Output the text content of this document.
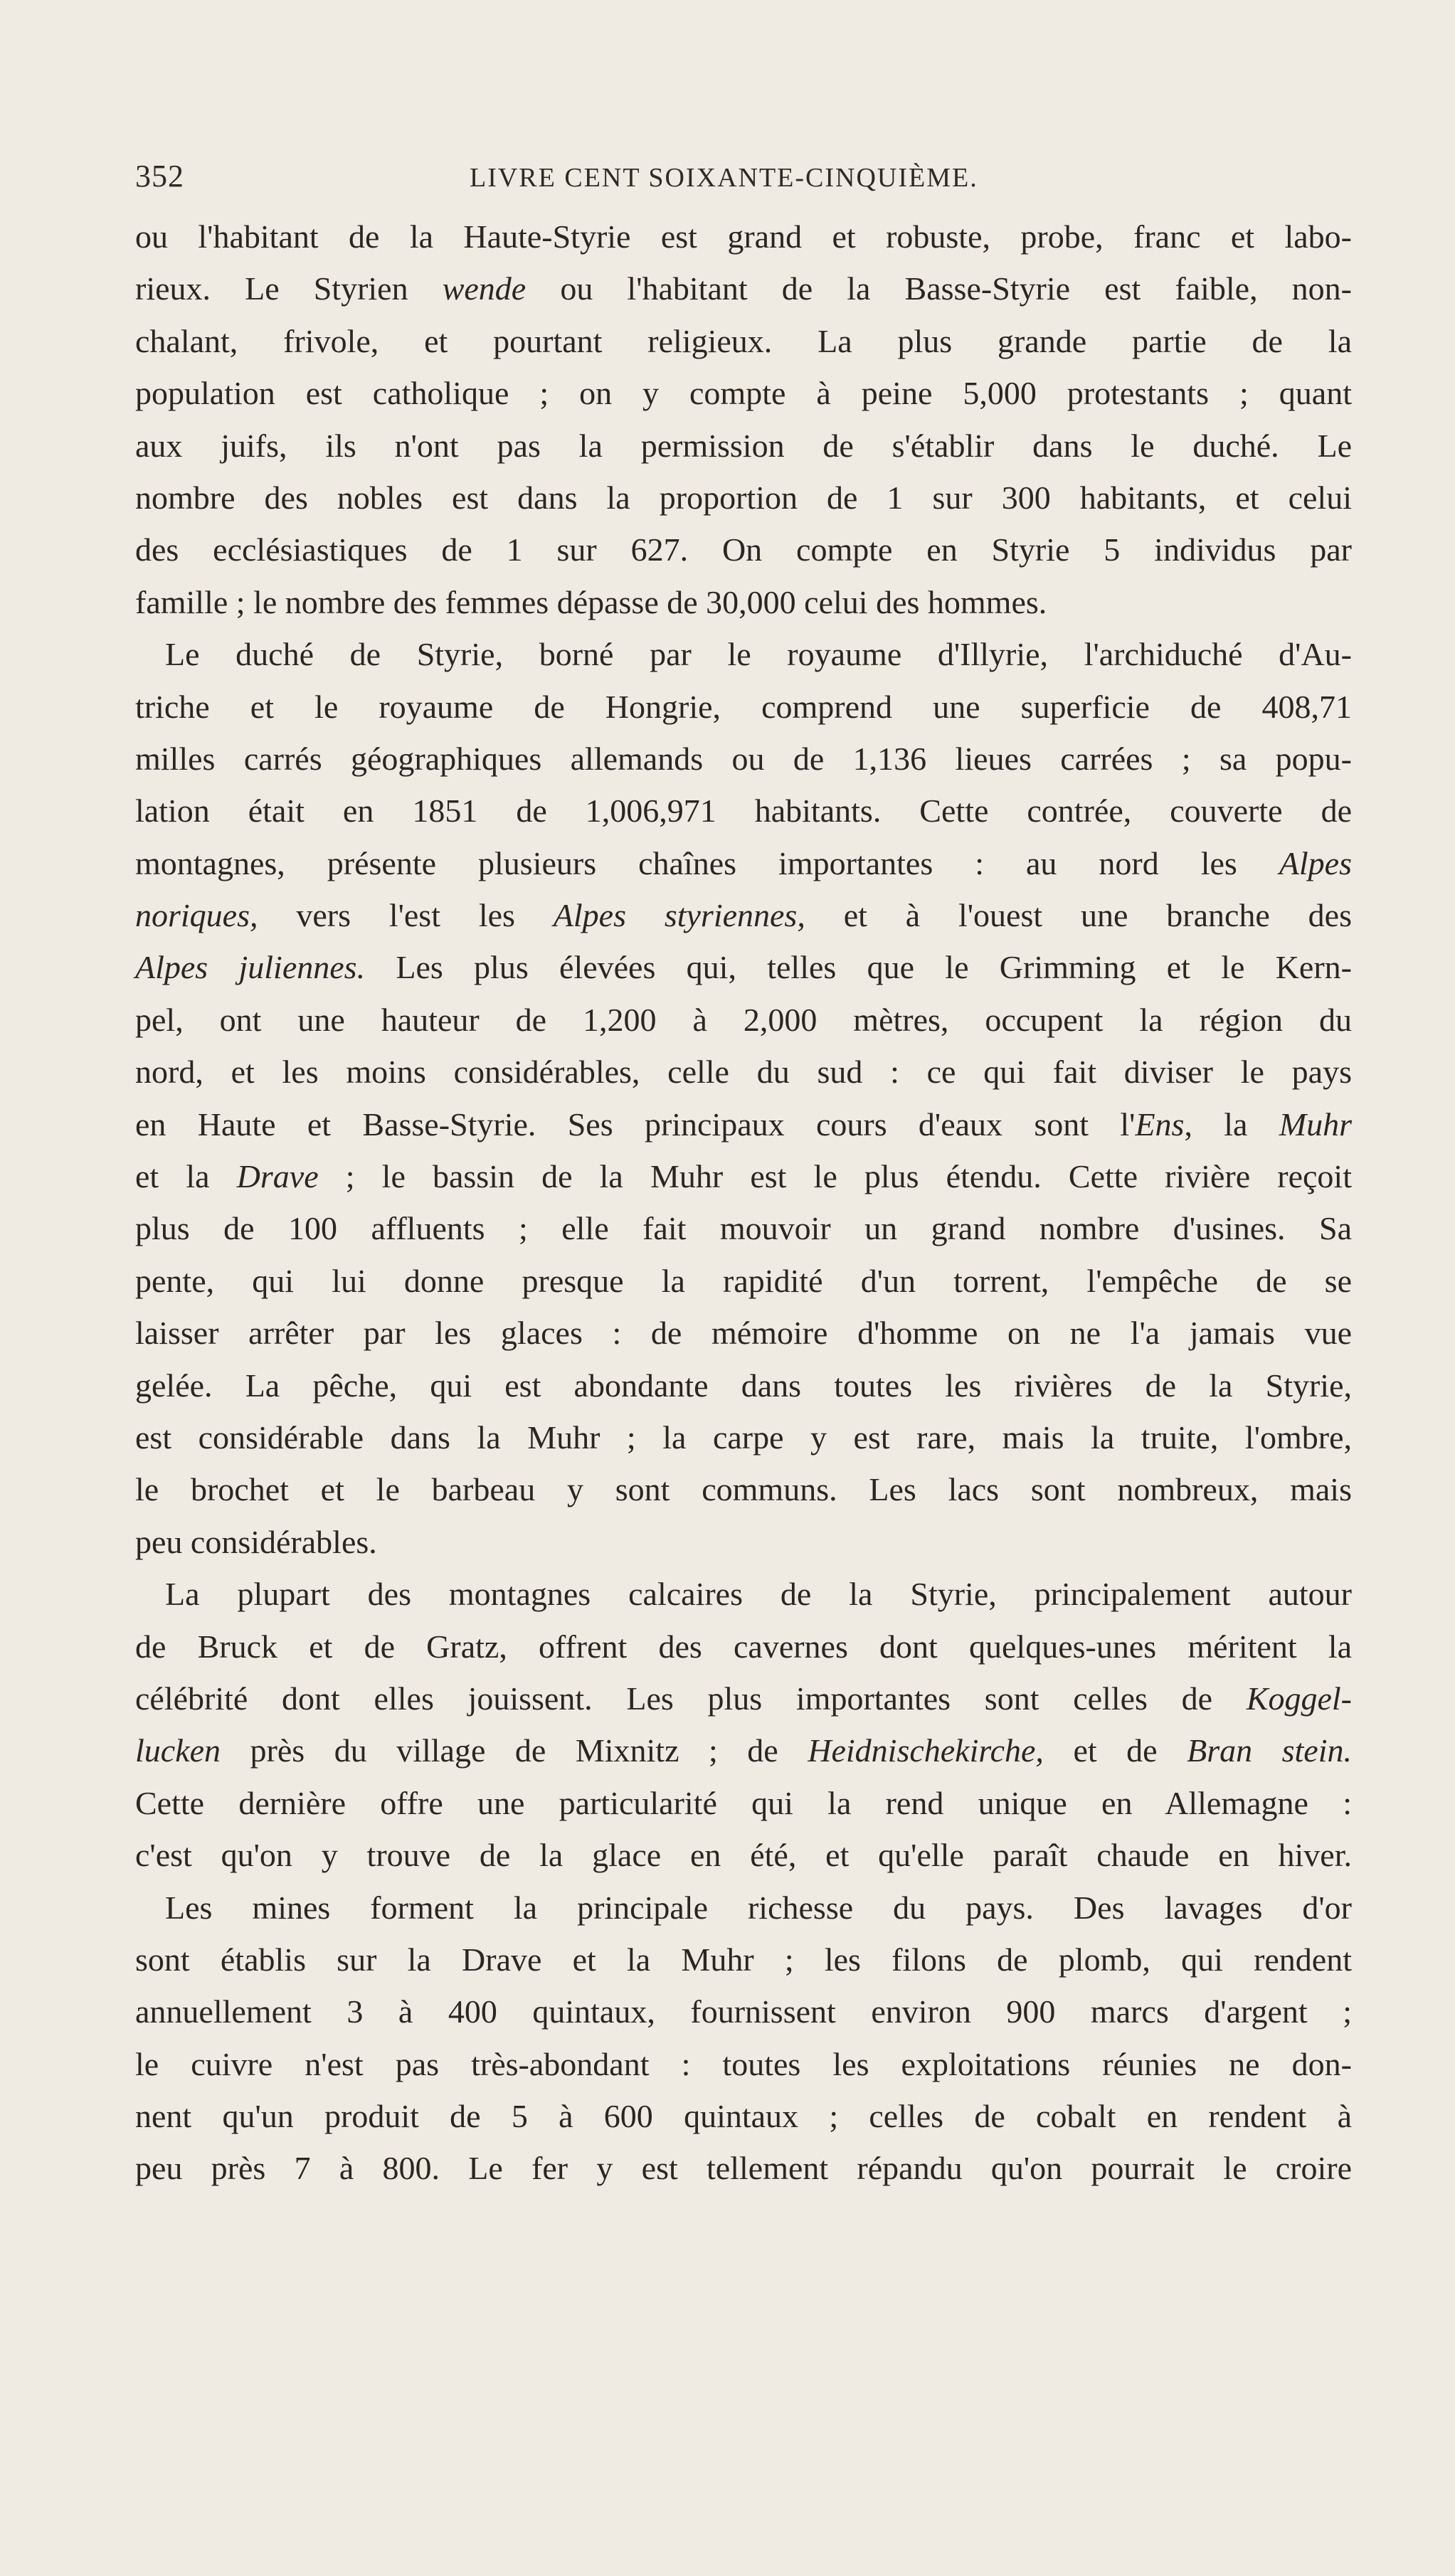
352	LIVRE CENT SOIXANTE-CINQUIÈME.
ou l'habitant de la Haute-Styrie est grand et robuste, probe, franc et labo-
rieux. Le Styrien wende ou l'habitant de la Basse-Styrie est faible, non-
chalant, frivole, et pourtant religieux. La plus grande partie de la
population est catholique ; on y compte à peine 5,000 protestants ; quant
aux juifs, ils n'ont pas la permission de s'établir dans le duché. Le
nombre des nobles est dans la proportion de 1 sur 300 habitants, et celui
des ecclésiastiques de 1 sur 627. On compte en Styrie 5 individus par
famille ; le nombre des femmes dépasse de 30,000 celui des hommes.
Le duché de Styrie, borné par le royaume d'Illyrie, l'archiduché d'Au-
triche et le royaume de Hongrie, comprend une superficie de 408,71
milles carrés géographiques allemands ou de 1,136 lieues carrées ; sa popu-
lation était en 1851 de 1,006,971 habitants. Cette contrée, couverte de
montagnes, présente plusieurs chaînes importantes : au nord les Alpes
noriques, vers l'est les Alpes styriennes, et à l'ouest une branche des
Alpes juliennes. Les plus élevées qui, telles que le Grimming et le Kern-
pel, ont une hauteur de 1,200 à 2,000 mètres, occupent la région du
nord, et les moins considérables, celle du sud : ce qui fait diviser le pays
en Haute et Basse-Styrie. Ses principaux cours d'eaux sont l'Ens, la Muhr
et la Drave ; le bassin de la Muhr est le plus étendu. Cette rivière reçoit
plus de 100 affluents ; elle fait mouvoir un grand nombre d'usines. Sa
pente, qui lui donne presque la rapidité d'un torrent, l'empêche de se
laisser arrêter par les glaces : de mémoire d'homme on ne l'a jamais vue
gelée. La pêche, qui est abondante dans toutes les rivières de la Styrie,
est considérable dans la Muhr ; la carpe y est rare, mais la truite, l'ombre,
le brochet et le barbeau y sont communs. Les lacs sont nombreux, mais
peu considérables.
La plupart des montagnes calcaires de la Styrie, principalement autour
de Bruck et de Gratz, offrent des cavernes dont quelques-unes méritent la
célébrité dont elles jouissent. Les plus importantes sont celles de Koggel-
lucken près du village de Mixnitz ; de Heidnischekirche, et de Bran stein.
Cette dernière offre une particularité qui la rend unique en Allemagne :
c'est qu'on y trouve de la glace en été, et qu'elle paraît chaude en hiver.
Les mines forment la principale richesse du pays. Des lavages d'or
sont établis sur la Drave et la Muhr ; les filons de plomb, qui rendent
annuellement 3 à 400 quintaux, fournissent environ 900 marcs d'argent ;
le cuivre n'est pas très-abondant : toutes les exploitations réunies ne don-
nent qu'un produit de 5 à 600 quintaux ; celles de cobalt en rendent à
peu près 7 à 800. Le fer y est tellement répandu qu'on pourrait le croire
